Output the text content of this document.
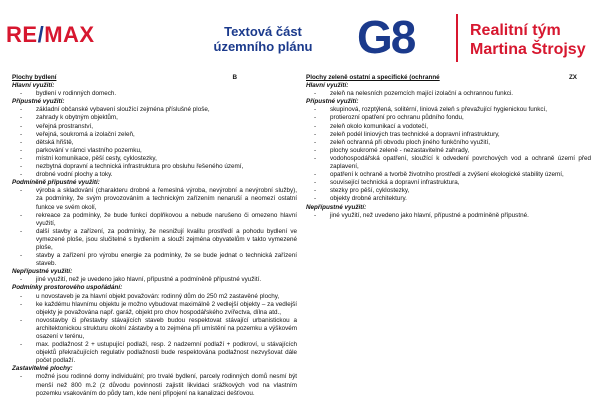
RE/MAX	Textová část
územního plánu G8	Realitní tým
Martina Štrojsy
Plochy bydlení	B
Hlavní využití:
- bydlení v rodinných domech.
Přípustné využití:
- základní občanské vybavení sloužící zejména příslušné ploše,
- zahrady k obytným objektům,
- veřejná prostranství,
- veřejná, soukromá a izolační zeleň,
- dětská hřiště,
- parkování v rámci vlastního pozemku,
- místní komunikace, pěší cesty, cyklostezky,
- nezbytná dopravní a technická infrastruktura pro obsluhu řešeného území,
- drobné vodní plochy a toky.
Podmíněně přípustné využití:
- výroba a skladování (charakteru drobné a řemeslná výroba, nevýrobní a nevýrobní služby), za podmínky, že svým provozováním a technickým zařízením nenaruší a neomezí ostatní funkce ve svém okolí,
- rekreace za podmínky, že bude funkcí doplňkovou a nebude narušeno či omezeno hlavní využití,
- další stavby a zařízení, za podmínky, že nesnižují kvalitu prostředí a pohodu bydlení ve vymezené ploše, jsou slučitelné s bydlením a slouží zejména obyvatelům v takto vymezené ploše,
- stavby a zařízení pro výrobu energie za podmínky, že se bude jednat o technická zařízení staveb.
Nepřípustné využití:
- jiné využití, než je uvedeno jako hlavní, přípustné a podmíněně přípustné využití.
Podmínky prostorového uspořádání:
- u novostaveb je za hlavní objekt považován: rodinný dům do 250 m2 zastavěné plochy,
- ke každému hlavnímu objektu je možno vybudovat maximálně 2 vedlejší objekty – za vedlejší objekty je považována např. garáž, objekt pro chov hospodářského zvířectva, dílna atd.,
- novostavby či přestavby stávajících staveb budou respektovat stávající urbanistickou a architektonickou strukturu okolní zástavby a to zejména při umístění na pozemku a výškovém osazení v terénu,
- max. podlažnost 2 + ustupující podlaží, resp. 2 nadzemní podlaží + podkroví, u stávajících objektů překračujících regulativ podlažnosti bude respektována podlažnost nezvyšovat dále počet podlaží.
Zastavitelné plochy:
- možné jsou rodinné domy individuální; pro trvalé bydlení, parcely rodinných domů nesmí být menší než 800 m.2 (z důvodu povinnosti zajistit likvidaci srážkových vod na vlastním pozemku vsakováním do půdy tam, kde není připojení na kanalizaci dešťovou.
Plochy zeleně ostatní a specifické (ochranné	ZX
Hlavní využití:
- zeleň na nelesních pozemcích mající izolační a ochrannou funkci.
Přípustné využití:
- skupinová, rozptýlená, solitérní, liniová zeleň s převažující hygienickou funkcí,
- protierozní opatření pro ochranu půdního fondu,
- zeleň okolo komunikací a vodotečí,
- zeleň podél liniových tras technické a dopravní infrastruktury,
- zeleň ochranná při obvodu ploch jiného funkčního využití,
- plochy soukromé zeleně - nezastavitelné zahrady,
- vodohospodářská opatření, sloužící k odvedení povrchových vod a ochraně území před zaplavení,
- opatření k ochraně a tvorbě životního prostředí a zvýšení ekologické stability území,
- související technická a dopravní infrastruktura,
- stezky pro pěší, cyklostezky,
- objekty drobné architektury.
Nepřípustné využití:
- jiné využití, než uvedeno jako hlavní, přípustné a podmíněně přípustné.
